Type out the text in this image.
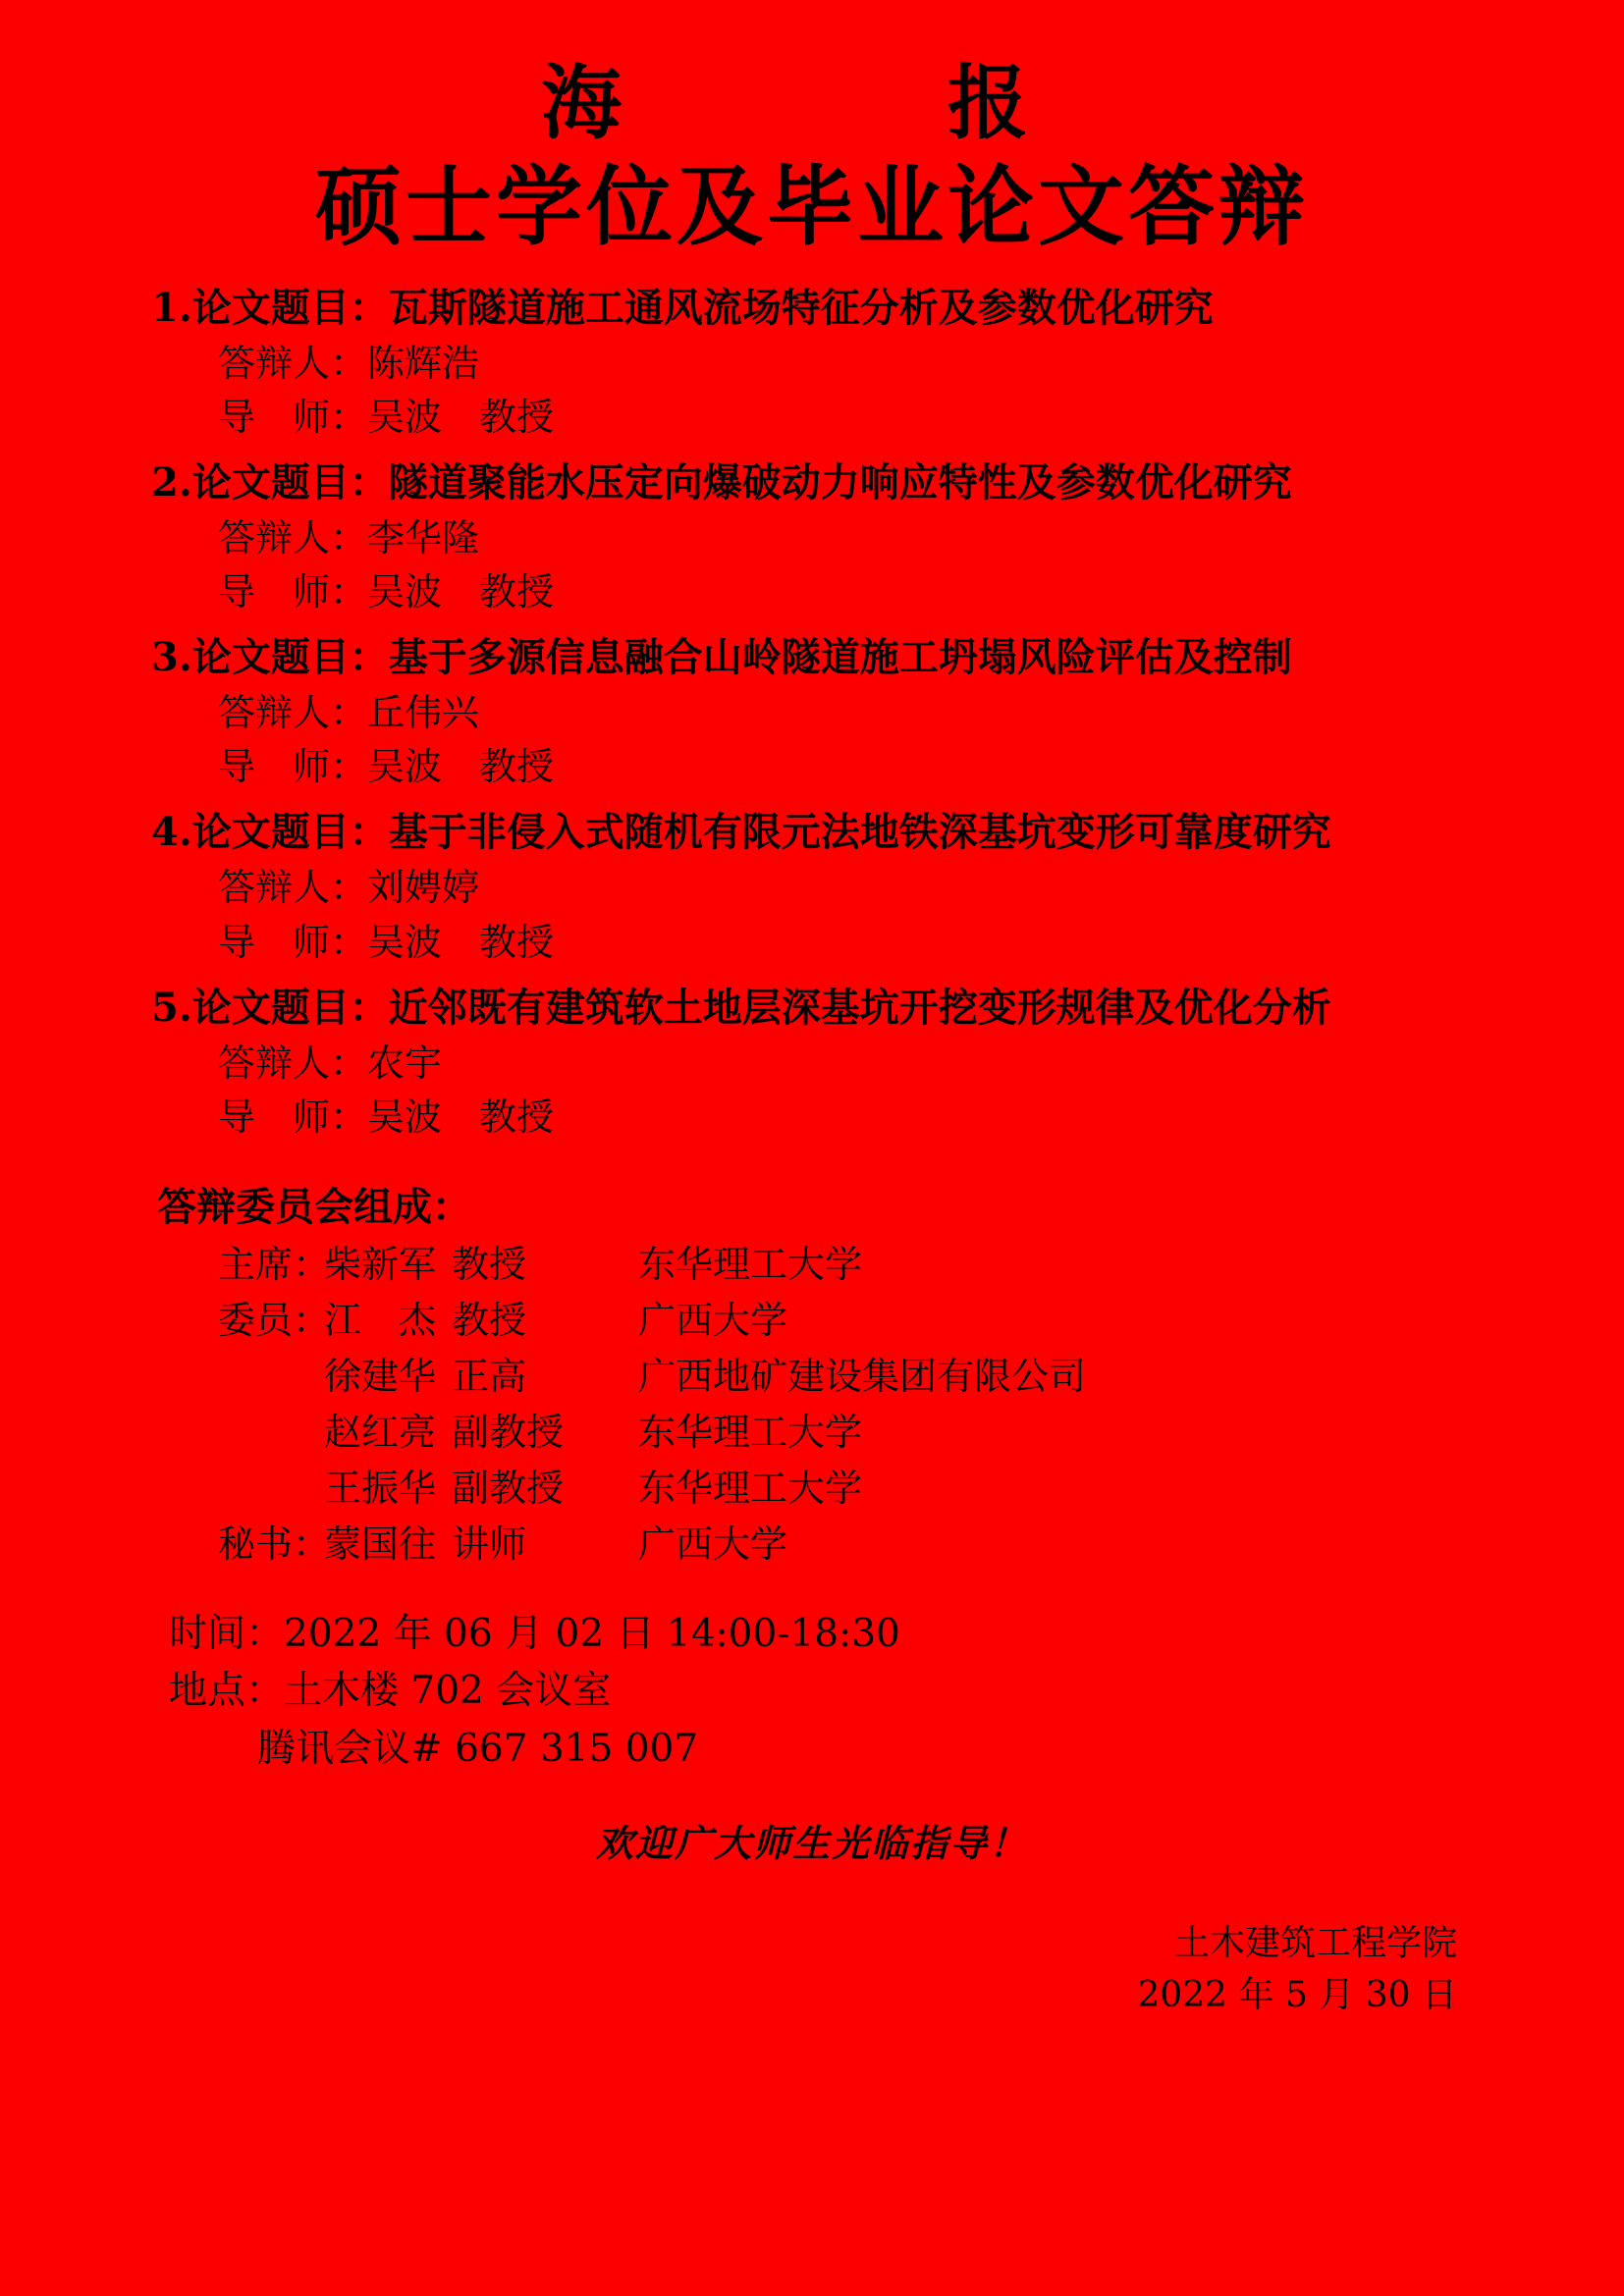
海　　报
硕士学位及毕业论文答辩
1.论文题目：瓦斯隧道施工通风流场特征分析及参数优化研究
答辩人：陈辉浩
导　师：吴波　教授
2.论文题目：隧道聚能水压定向爆破动力响应特性及参数优化研究
答辩人：李华隆
导　师：吴波　教授
3.论文题目：基于多源信息融合山岭隧道施工坍塌风险评估及控制
答辩人：丘伟兴
导　师：吴波　教授
4.论文题目：基于非侵入式随机有限元法地铁深基坑变形可靠度研究
答辩人：刘娉婷
导　师：吴波　教授
5.论文题目：近邻既有建筑软土地层深基坑开挖变形规律及优化分析
答辩人：农宇
导　师：吴波　教授
答辩委员会组成：
主席：
柴新军 教授	东华理工大学
委员：
江　杰 教授	广西大学
徐建华 正高	广西地矿建设集团有限公司
赵红亮 副教授	东华理工大学
王振华 副教授	东华理工大学
秘书：
蒙国往 讲师	广西大学
时间：2022 年 06 月 02 日 14:00-18:30
地点：土木楼 702 会议室
腾讯会议# 667 315 007
欢迎广大师生光临指导！
土木建筑工程学院
2022 年 5 月 30 日
